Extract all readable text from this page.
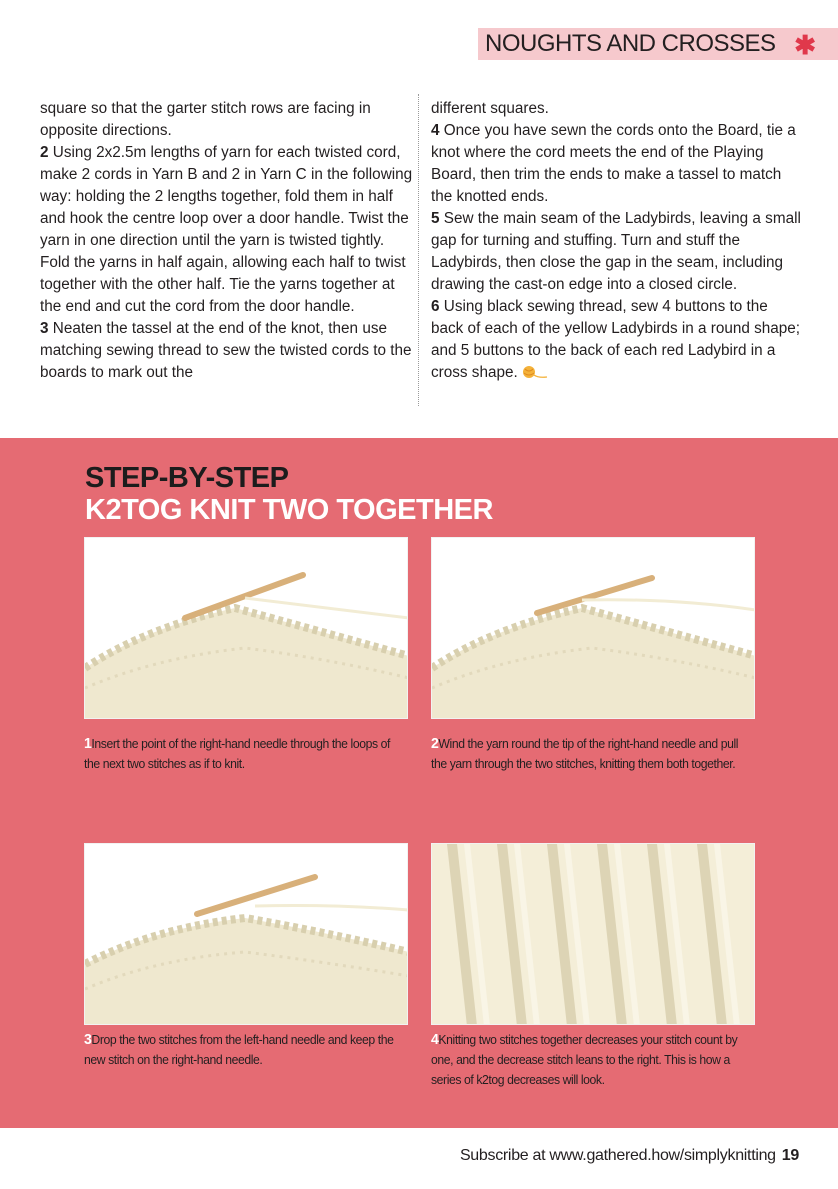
NOUGHTS AND CROSSES ✱

square so that the garter stitch rows are facing in opposite directions.

2 Using 2x2.5m lengths of yarn for each twisted cord, make 2 cords in Yarn B and 2 in Yarn C in the following way: holding the 2 lengths together, fold them in half and hook the centre loop over a door handle. Twist the yarn in one direction until the yarn is twisted tightly. Fold the yarns in half again, allowing each half to twist together with the other half. Tie the yarns together at the end and cut the cord from the door handle.

3 Neaten the tassel at the end of the knot, then use matching sewing thread to sew the twisted cords to the boards to mark out the

different squares.

4 Once you have sewn the cords onto the Board, tie a knot where the cord meets the end of the Playing Board, then trim the ends to make a tassel to match the knotted ends.

5 Sew the main seam of the Ladybirds, leaving a small gap for turning and stuffing. Turn and stuff the Ladybirds, then close the gap in the seam, including drawing the cast-on edge into a closed circle.

6 Using black sewing thread, sew 4 buttons to the back of each of the yellow Ladybirds in a round shape; and 5 buttons to the back of each red Ladybird in a cross shape.

STEP-BY-STEP
K2TOG KNIT TWO TOGETHER
1Insert the point of the right-hand needle through the loops of the next two stitches as if to knit.
2Wind the yarn round the tip of the right-hand needle and pull the yarn through the two stitches, knitting them both together.
3Drop the two stitches from the left-hand needle and keep the new stitch on the right-hand needle.
4Knitting two stitches together decreases your stitch count by one, and the decrease stitch leans to the right. This is how a series of k2tog decreases will look.
Subscribe at www.gathered.how/simplyknitting 19
